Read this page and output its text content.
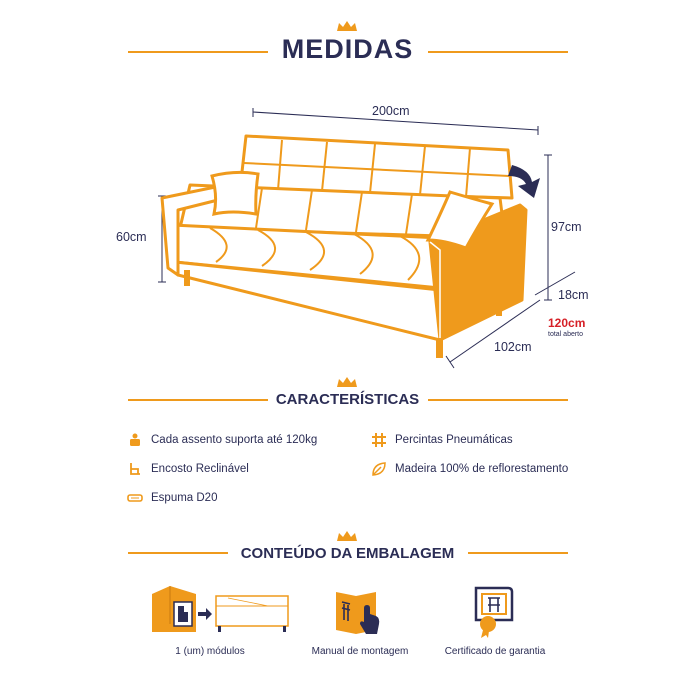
MEDIDAS
200cm
60cm
97cm
18cm
102cm
120cm
total aberto
CARACTERÍSTICAS
Cada assento suporta até 120kg
Encosto Reclinável
Espuma D20
Percintas Pneumáticas
Madeira 100% de reflorestamento
CONTEÚDO DA EMBALAGEM
1 (um) módulos	Manual de montagem	Certificado de garantia
